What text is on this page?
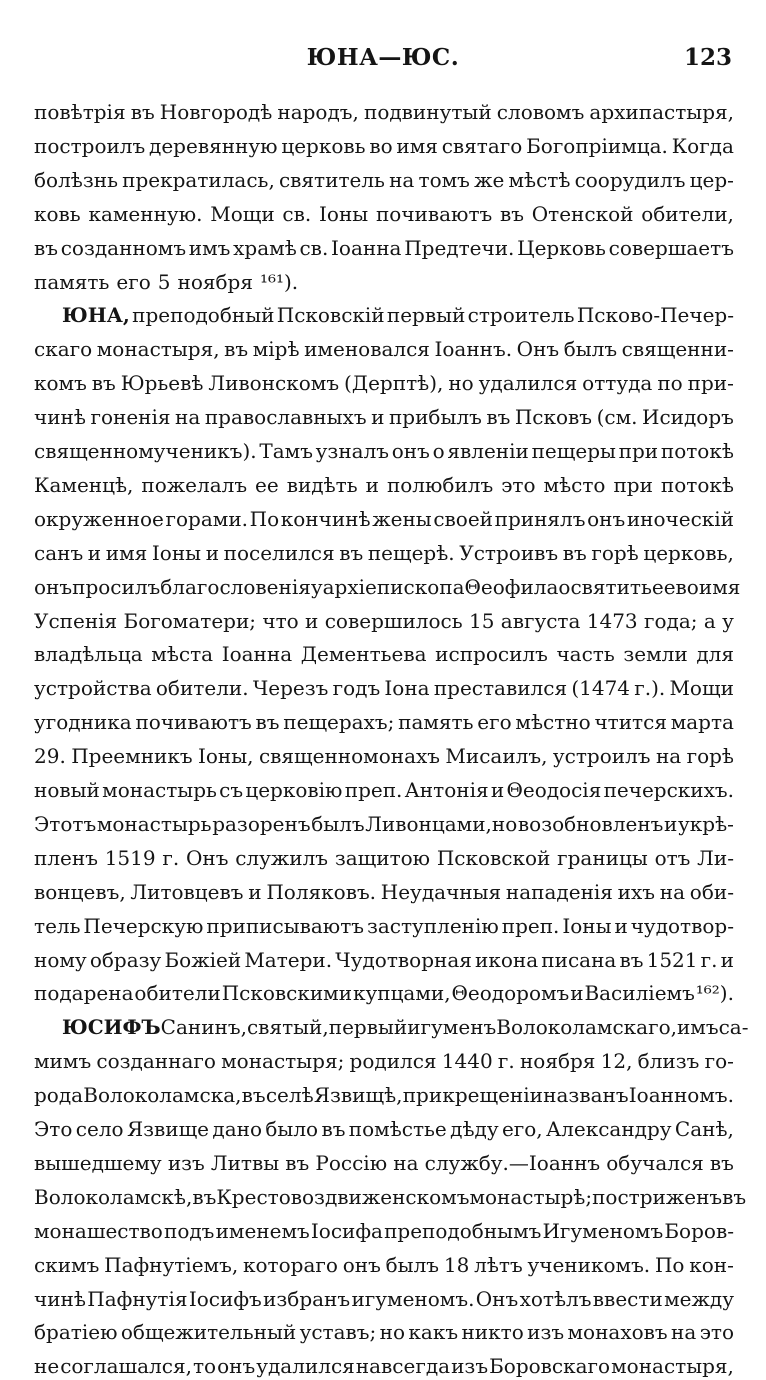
ЮНА—ЮС.	123
повѣтрія въ Новгородѣ народъ, подвинутый словомъ архипастыря,
построилъ деревянную церковь во имя святаго Богопріимца. Когда
болѣзнь прекратилась, святитель на томъ же мѣстѣ соорудилъ цер-
ковь каменную. Мощи св. Іоны почиваютъ въ Отенской обители,
въ созданномъ имъ храмѣ св. Іоанна Предтечи. Церковь совершаетъ
память его 5 ноября ¹⁶¹).
ЮНА, преподобный Псковскій первый строитель Псково-Печер-
скаго монастыря, въ мірѣ именовался Іоаннъ. Онъ былъ священни-
комъ въ Юрьевѣ Ливонскомъ (Дерптѣ), но удалился оттуда по при-
чинѣ гоненія на православныхъ и прибылъ въ Псковъ (см. Исидоръ
священномученикъ). Тамъ узналъ онъ о явленіи пещеры при потокѣ
Каменцѣ, пожелалъ ее видѣть и полюбилъ это мѣсто при потокѣ
окруженное горами. По кончинѣ жены своей принялъ онъ иноческій
санъ и имя Іоны и поселился въ пещерѣ. Устроивъ въ горѣ церковь,
онъ просилъ благословенія у архіепископа Θеофила освятить ее во имя
Успенія Богоматери; что и совершилось 15 августа 1473 года; а у
владѣльца мѣста Іоанна Дементьева испросилъ часть земли для
устройства обители. Черезъ годъ Іона преставился (1474 г.). Мощи
угодника почиваютъ въ пещерахъ; память его мѣстно чтится марта
29. Преемникъ Іоны, священномонахъ Мисаилъ, устроилъ на горѣ
новый монастырь съ церковію преп. Антонія и Θеодосія печерскихъ.
Этотъ монастырь разоренъ былъ Ливонцами,но возобновленъ и укрѣ-
пленъ 1519 г. Онъ служилъ защитою Псковской границы отъ Ли-
вонцевъ, Литовцевъ и Поляковъ. Неудачныя нападенія ихъ на оби-
тель Печерскую приписываютъ заступленію преп. Іоны и чудотвор-
ному образу Божіей Матери. Чудотворная икона писана въ 1521 г. и
подарена обители Псковскими купцами, Θеодоромъ и Василіемъ ¹⁶²).
ЮСИФЪ Санинъ, святый, первый игуменъ Волоколамскаго, имъ са-
мимъ созданнаго монастыря; родился 1440 г. ноября 12, близъ го-
рода Волоколамска, въ селѣ Язвищѣ, при крещеніи названъ Іоанномъ.
Это село Язвище дано было въ помѣстье дѣду его, Александру Санѣ,
вышедшему изъ Литвы въ Россію на службу.—Іоаннъ обучался въ
Волоколамскѣ, въ Крестовоздвиженскомъ монастырѣ; постриженъ въ
монашество подъ именемъ Іосифа преподобнымъ Игуменомъ Боров-
скимъ Пафнутіемъ, котораго онъ былъ 18 лѣтъ ученикомъ. По кон-
чинѣ Пафнутія Іосифъ избранъ игуменомъ. Онъ хотѣлъ ввести между
братіею общежительный уставъ; но какъ никто изъ монаховъ на это
не соглашался, то онъ удалился навсегда изъ Боровскаго монастыря,
